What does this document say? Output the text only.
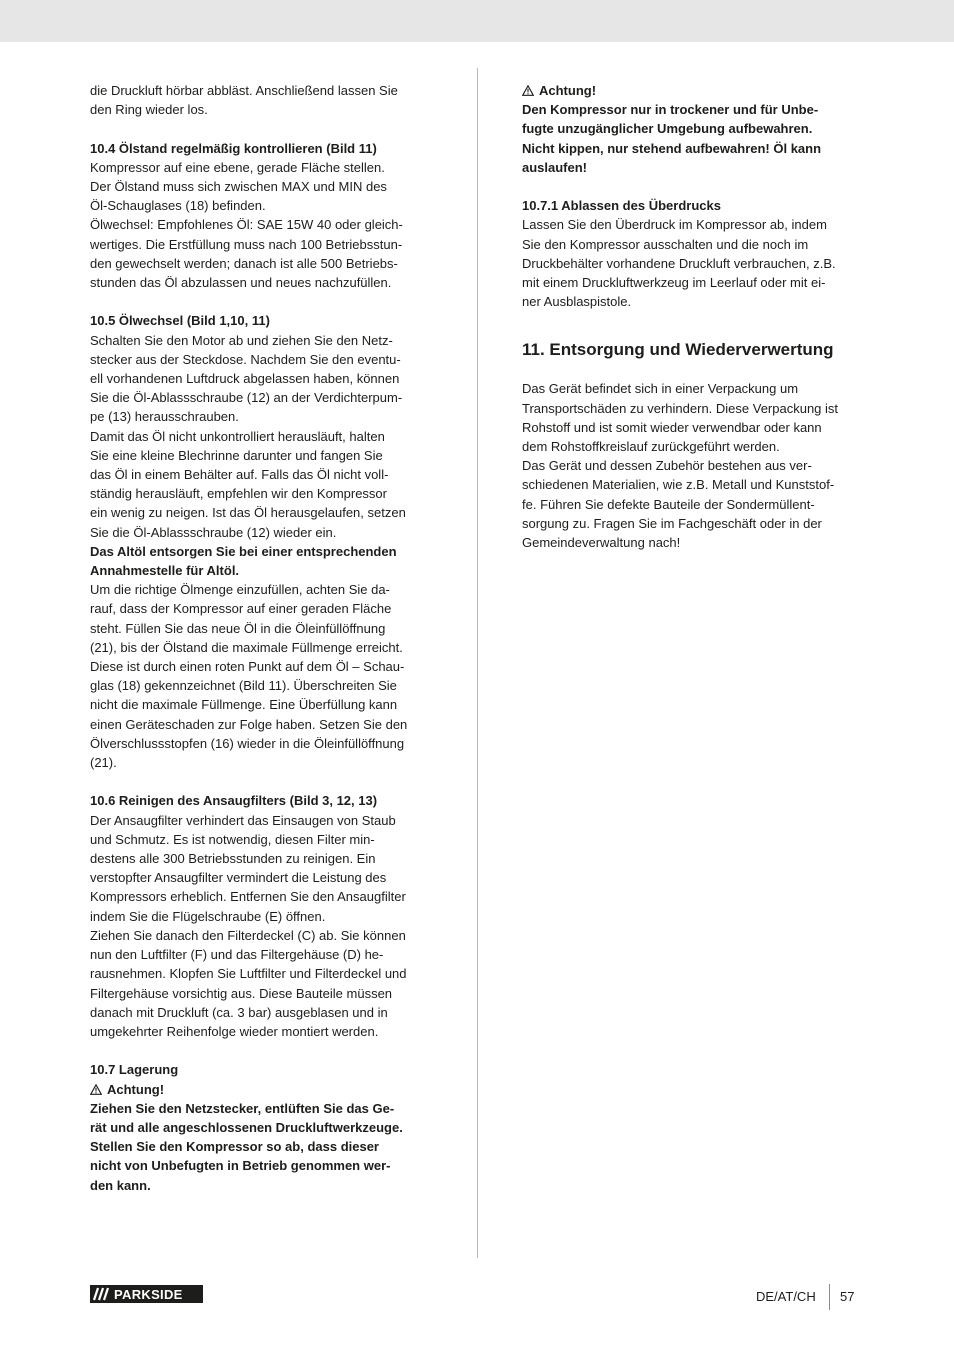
die Druckluft hörbar abbläst. Anschließend lassen Sie

den Ring wieder los.

10.4 Ölstand regelmäßig kontrollieren (Bild 11)

Kompressor auf eine ebene, gerade Fläche stellen.

Der Ölstand muss sich zwischen MAX und MIN des

Öl-Schauglases (18) befinden.

Ölwechsel: Empfohlenes Öl: SAE 15W 40 oder gleich-

wertiges. Die Erstfüllung muss nach 100 Betriebsstun-

den gewechselt werden; danach ist alle 500 Betriebs-

stunden das Öl abzulassen und neues nachzufüllen.

10.5 Ölwechsel (Bild 1,10, 11)

Schalten Sie den Motor ab und ziehen Sie den Netz-

stecker aus der Steckdose. Nachdem Sie den eventu-

ell vorhandenen Luftdruck abgelassen haben, können

Sie die Öl-Ablassschraube (12) an der Verdichterpum-

pe (13) herausschrauben.

Damit das Öl nicht unkontrolliert herausläuft, halten

Sie eine kleine Blechrinne darunter und fangen Sie

das Öl in einem Behälter auf. Falls das Öl nicht voll-

ständig herausläuft, empfehlen wir den Kompressor

ein wenig zu neigen. Ist das Öl herausgelaufen, setzen

Sie die Öl-Ablassschraube (12) wieder ein.

Das Altöl entsorgen Sie bei einer entsprechenden

Annahmestelle für Altöl.

Um die richtige Ölmenge einzufüllen, achten Sie da-

rauf, dass der Kompressor auf einer geraden Fläche

steht. Füllen Sie das neue Öl in die Öleinfüllöffnung

(21), bis der Ölstand die maximale Füllmenge erreicht.

Diese ist durch einen roten Punkt auf dem Öl – Schau-

glas (18) gekennzeichnet (Bild 11). Überschreiten Sie

nicht die maximale Füllmenge. Eine Überfüllung kann

einen Geräteschaden zur Folge haben. Setzen Sie den

Ölverschlussstopfen (16) wieder in die Öleinfüllöffnung

(21).

10.6 Reinigen des Ansaugfilters (Bild 3, 12, 13)

Der Ansaugfilter verhindert das Einsaugen von Staub

und Schmutz. Es ist notwendig, diesen Filter min-

destens alle 300 Betriebsstunden zu reinigen. Ein

verstopfter Ansaugfilter vermindert die Leistung des

Kompressors erheblich. Entfernen Sie den Ansaugfilter

indem Sie die Flügelschraube (E) öffnen.

Ziehen Sie danach den Filterdeckel (C) ab. Sie können

nun den Luftfilter (F) und das Filtergehäuse (D) he-

rausnehmen. Klopfen Sie Luftfilter und Filterdeckel und

Filtergehäuse vorsichtig aus. Diese Bauteile müssen

danach mit Druckluft (ca. 3 bar) ausgeblasen und in

umgekehrter Reihenfolge wieder montiert werden.

10.7 Lagerung

Achtung!

Ziehen Sie den Netzstecker, entlüften Sie das Ge-

rät und alle angeschlossenen Druckluftwerkzeuge.

Stellen Sie den Kompressor so ab, dass dieser

nicht von Unbefugten in Betrieb genommen wer-

den kann.

Achtung!

Den Kompressor nur in trockener und für Unbe-

fugte unzugänglicher Umgebung aufbewahren.

Nicht kippen, nur stehend aufbewahren! Öl kann

auslaufen!

10.7.1 Ablassen des Überdrucks

Lassen Sie den Überdruck im Kompressor ab, indem

Sie den Kompressor ausschalten und die noch im

Druckbehälter vorhandene Druckluft verbrauchen, z.B.

mit einem Druckluftwerkzeug im Leerlauf oder mit ei-

ner Ausblaspistole.

11. Entsorgung und Wiederverwertung

Das Gerät befindet sich in einer Verpackung um

Transportschäden zu verhindern. Diese Verpackung ist

Rohstoff und ist somit wieder verwendbar oder kann

dem Rohstoffkreislauf zurückgeführt werden.

Das Gerät und dessen Zubehör bestehen aus ver-

schiedenen Materialien, wie z.B. Metall und Kunststof-

fe. Führen Sie defekte Bauteile der Sondermüllent-

sorgung zu. Fragen Sie im Fachgeschäft oder in der

Gemeindeverwaltung nach!

PARKSIDE	DE/AT/CH 57
